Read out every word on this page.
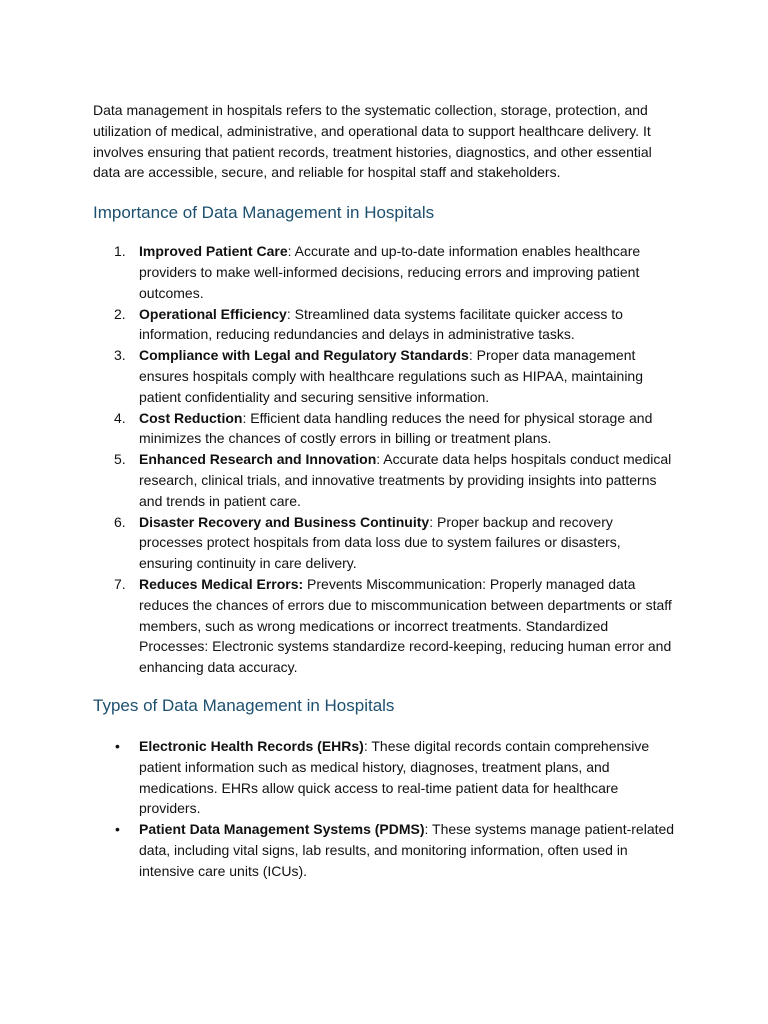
Data management in hospitals refers to the systematic collection, storage, protection, and utilization of medical, administrative, and operational data to support healthcare delivery. It involves ensuring that patient records, treatment histories, diagnostics, and other essential data are accessible, secure, and reliable for hospital staff and stakeholders.

Importance of Data Management in Hospitals
1. Improved Patient Care: Accurate and up-to-date information enables healthcare providers to make well-informed decisions, reducing errors and improving patient outcomes.
2. Operational Efficiency: Streamlined data systems facilitate quicker access to information, reducing redundancies and delays in administrative tasks.
3. Compliance with Legal and Regulatory Standards: Proper data management ensures hospitals comply with healthcare regulations such as HIPAA, maintaining patient confidentiality and securing sensitive information.
4. Cost Reduction: Efficient data handling reduces the need for physical storage and minimizes the chances of costly errors in billing or treatment plans.
5. Enhanced Research and Innovation: Accurate data helps hospitals conduct medical research, clinical trials, and innovative treatments by providing insights into patterns and trends in patient care.
6. Disaster Recovery and Business Continuity: Proper backup and recovery processes protect hospitals from data loss due to system failures or disasters, ensuring continuity in care delivery.
7. Reduces Medical Errors: Prevents Miscommunication: Properly managed data reduces the chances of errors due to miscommunication between departments or staff members, such as wrong medications or incorrect treatments. Standardized Processes: Electronic systems standardize record-keeping, reducing human error and enhancing data accuracy.
Types of Data Management in Hospitals
• Electronic Health Records (EHRs): These digital records contain comprehensive patient information such as medical history, diagnoses, treatment plans, and medications. EHRs allow quick access to real-time patient data for healthcare providers.
• Patient Data Management Systems (PDMS): These systems manage patient-related data, including vital signs, lab results, and monitoring information, often used in intensive care units (ICUs).
